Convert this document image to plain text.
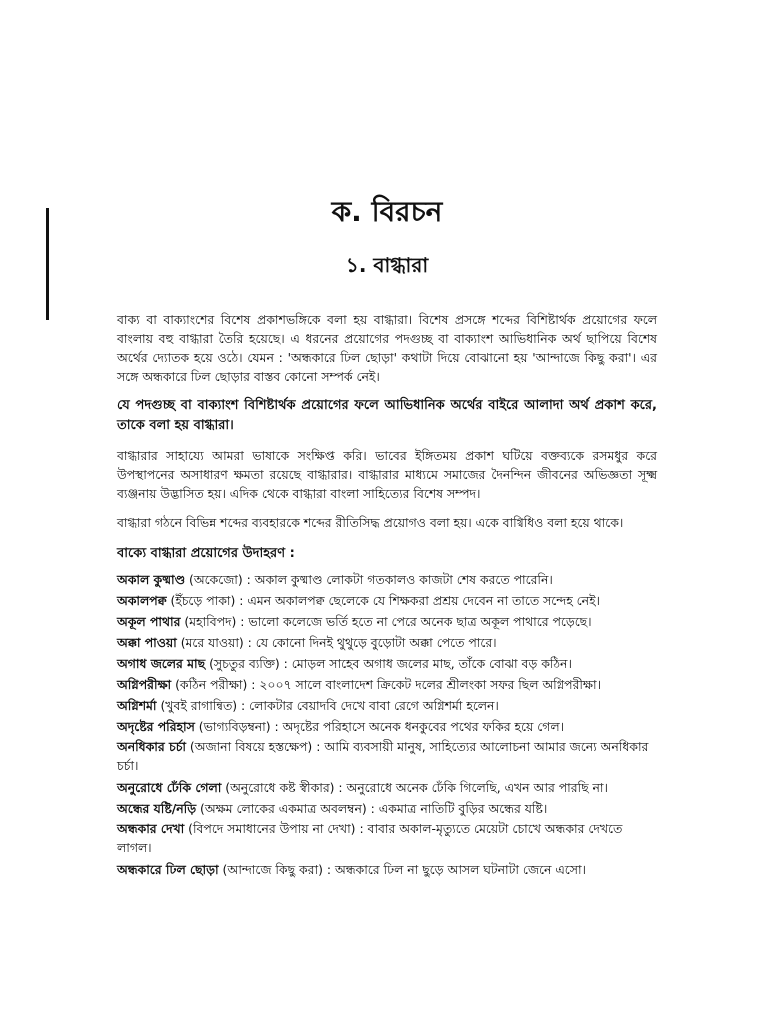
ক. বিরচন
১. বাগ্ধারা

বাক্য বা বাক্যাংশের বিশেষ প্রকাশভঙ্গিকে বলা হয় বাগ্ধারা। বিশেষ প্রসঙ্গে শব্দের বিশিষ্টার্থক প্রয়োগের ফলে বাংলায় বহু বাগ্ধারা তৈরি হয়েছে। এ ধরনের প্রয়োগের পদগুচ্ছ বা বাক্যাংশ আভিধানিক অর্থ ছাপিয়ে বিশেষ অর্থের দ্যোতক হয়ে ওঠে। যেমন : 'অন্ধকারে ঢিল ছোড়া' কথাটা দিয়ে বোঝানো হয় 'আন্দাজে কিছু করা'। এর সঙ্গে অন্ধকারে ঢিল ছোড়ার বাস্তব কোনো সম্পর্ক নেই।

যে পদগুচ্ছ বা বাক্যাংশ বিশিষ্টার্থক প্রয়োগের ফলে আভিধানিক অর্থের বাইরে আলাদা অর্থ প্রকাশ করে, তাকে বলা হয় বাগ্ধারা।

বাগ্ধারার সাহায্যে আমরা ভাষাকে সংক্ষিপ্ত করি। ভাবের ইঙ্গিতময় প্রকাশ ঘটিয়ে বক্তব্যকে রসমধুর করে উপস্থাপনের অসাধারণ ক্ষমতা রয়েছে বাগ্ধারার। বাগ্ধারার মাধ্যমে সমাজের দৈনন্দিন জীবনের অভিজ্ঞতা সূক্ষ্ম ব্যঞ্জনায় উদ্ভাসিত হয়। এদিক থেকে বাগ্ধারা বাংলা সাহিত্যের বিশেষ সম্পদ।

বাগ্ধারা গঠনে বিভিন্ন শব্দের ব্যবহারকে শব্দের রীতিসিদ্ধ প্রয়োগও বলা হয়। একে বাগ্বিধিও বলা হয়ে থাকে।

বাক্যে বাগ্ধারা প্রয়োগের উদাহরণ :
অকাল কুষ্মাণ্ড (অকেজো) : অকাল কুষ্মাণ্ড লোকটা গতকালও কাজটা শেষ করতে পারেনি।
অকালপক্ব (ইঁচড়ে পাকা) : এমন অকালপক্ব ছেলেকে যে শিক্ষকরা প্রশ্রয় দেবেন না তাতে সন্দেহ নেই।
অকূল পাথার (মহাবিপদ) : ভালো কলেজে ভর্তি হতে না পেরে অনেক ছাত্র অকূল পাথারে পড়েছে।
অক্কা পাওয়া (মরে যাওয়া) : যে কোনো দিনই থুথুড়ে বুড়োটা অক্কা পেতে পারে।
অগাধ জলের মাছ (সুচতুর ব্যক্তি) : মোড়ল সাহেব অগাধ জলের মাছ, তাঁকে বোঝা বড় কঠিন।
অগ্নিপরীক্ষা (কঠিন পরীক্ষা) : ২০০৭ সালে বাংলাদেশ ক্রিকেট দলের শ্রীলংকা সফর ছিল অগ্নিপরীক্ষা।
অগ্নিশর্মা (খুবই রাগান্বিত) : লোকটার বেয়াদবি দেখে বাবা রেগে অগ্নিশর্মা হলেন।
অদৃষ্টের পরিহাস (ভাগ্যবিড়ম্বনা) : অদৃষ্টের পরিহাসে অনেক ধনকুবের পথের ফকির হয়ে গেল।
অনধিকার চর্চা (অজানা বিষয়ে হস্তক্ষেপ) : আমি ব্যবসায়ী মানুষ, সাহিত্যের আলোচনা আমার জন্যে অনধিকার চর্চা।
অনুরোধে ঢেঁকি গেলা (অনুরোধে কষ্ট স্বীকার) : অনুরোধে অনেক ঢেঁকি গিলেছি, এখন আর পারছি না।
অন্ধের যষ্টি/নড়ি (অক্ষম লোকের একমাত্র অবলম্বন) : একমাত্র নাতিটি বুড়ির অন্ধের যষ্টি।
অন্ধকার দেখা (বিপদে সমাধানের উপায় না দেখা) : বাবার অকাল-মৃত্যুতে মেয়েটা চোখে অন্ধকার দেখতে লাগল।
অন্ধকারে ঢিল ছোড়া (আন্দাজে কিছু করা) : অন্ধকারে ঢিল না ছুড়ে আসল ঘটনাটা জেনে এসো।
